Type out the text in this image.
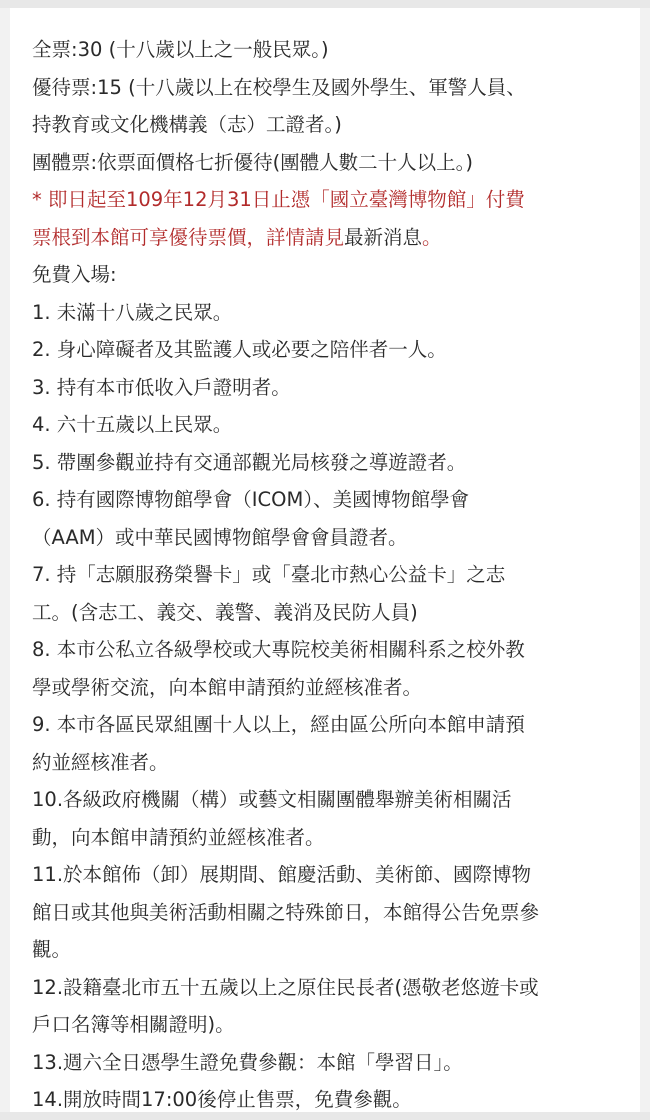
全票:30 (十八歲以上之一般民眾。)
優待票:15 (十八歲以上在校學生及國外學生、軍警人員、
持教育或文化機構義（志）工證者。)
團體票:依票面價格七折優待(團體人數二十人以上。)
* 即日起至109年12月31日止憑「國立臺灣博物館」付費
票根到本館可享優待票價，詳情請見最新消息。
免費入場:
1. 未滿十八歲之民眾。
2. 身心障礙者及其監護人或必要之陪伴者一人。
3. 持有本市低收入戶證明者。
4. 六十五歲以上民眾。
5. 帶團參觀並持有交通部觀光局核發之導遊證者。
6. 持有國際博物館學會（ICOM）、美國博物館學會
（AAM）或中華民國博物館學會會員證者。
7. 持「志願服務榮譽卡」或「臺北市熱心公益卡」之志
工。(含志工、義交、義警、義消及民防人員)
8. 本市公私立各級學校或大專院校美術相關科系之校外教
學或學術交流，向本館申請預約並經核准者。
9. 本市各區民眾組團十人以上，經由區公所向本館申請預
約並經核准者。
10.各級政府機關（構）或藝文相關團體舉辦美術相關活
動，向本館申請預約並經核准者。
11.於本館佈（卸）展期間、館慶活動、美術節、國際博物
館日或其他與美術活動相關之特殊節日，本館得公告免票參
觀。
12.設籍臺北市五十五歲以上之原住民長者(憑敬老悠遊卡或
戶口名簿等相關證明)。
13.週六全日憑學生證免費參觀：本館「學習日」。
14.開放時間17:00後停止售票，免費參觀。
